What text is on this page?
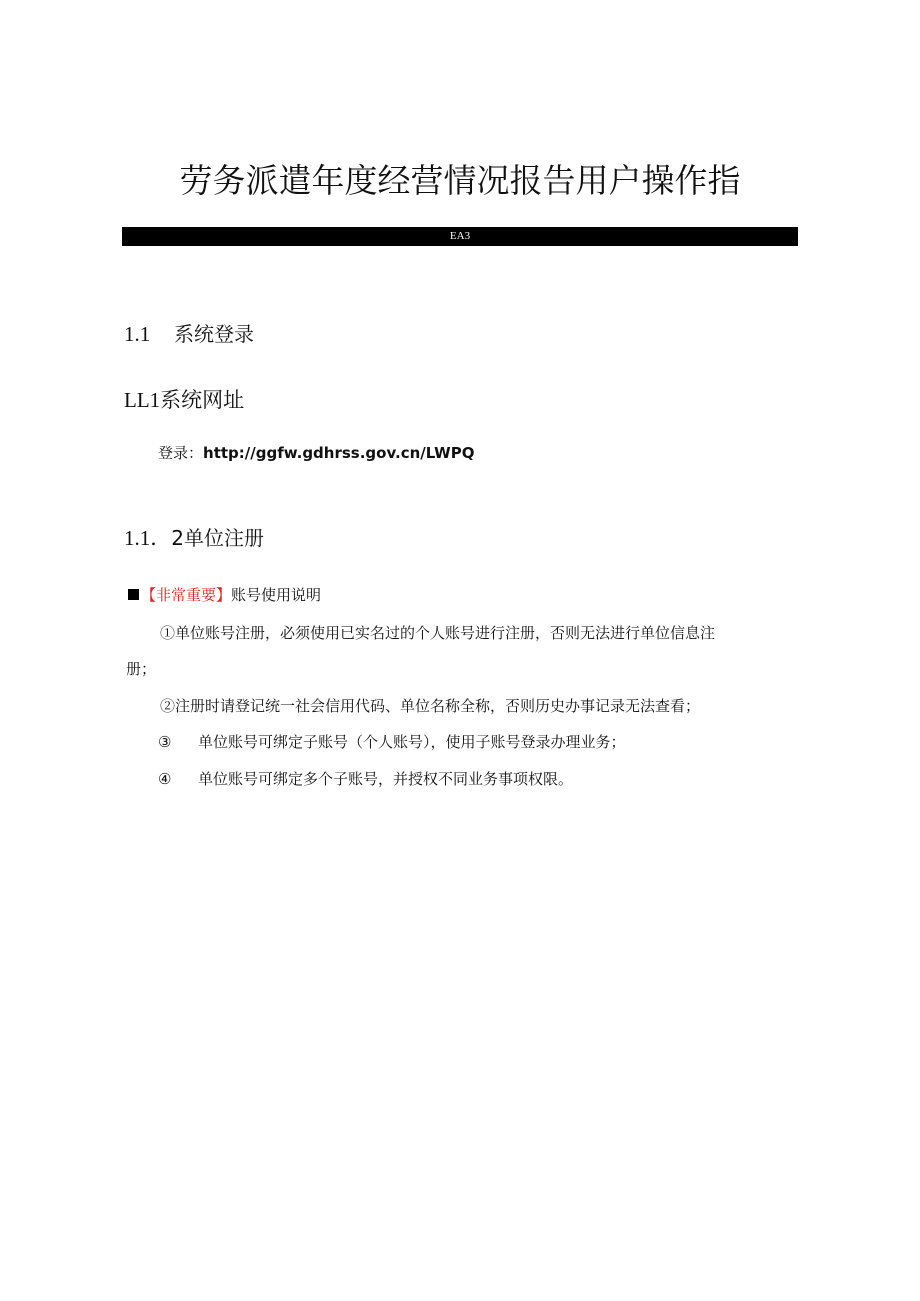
劳务派遣年度经营情况报告用户操作指
EA3
1.1 系统登录
LL1系统网址
登录：http://ggfw.gdhrss.gov.cn/LWPQ
1.1．2单位注册
【非常重要】账号使用说明
①单位账号注册，必须使用已实名过的个人账号进行注册，否则无法进行单位信息注
册；
②注册时请登记统一社会信用代码、单位名称全称，否则历史办事记录无法查看；
③ 单位账号可绑定子账号（个人账号），使用子账号登录办理业务；
④ 单位账号可绑定多个子账号，并授权不同业务事项权限。
